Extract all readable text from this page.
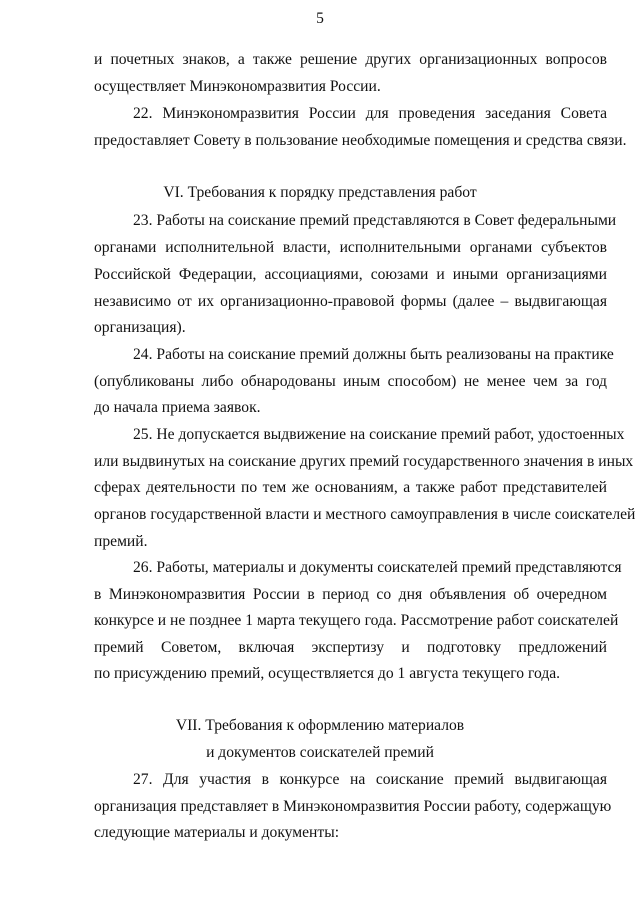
5
и почетных знаков, а также решение других организационных вопросов
осуществляет Минэкономразвития России.
22. Минэкономразвития России для проведения заседания Совета
предоставляет Совету в пользование необходимые помещения и средства связи.
VI. Требования к порядку представления работ
23. Работы на соискание премий представляются в Совет федеральными
органами исполнительной власти, исполнительными органами субъектов
Российской Федерации, ассоциациями, союзами и иными организациями
независимо от их организационно-правовой формы (далее – выдвигающая
организация).
24. Работы на соискание премий должны быть реализованы на практике
(опубликованы либо обнародованы иным способом) не менее чем за год
до начала приема заявок.
25. Не допускается выдвижение на соискание премий работ, удостоенных
или выдвинутых на соискание других премий государственного значения в иных
сферах деятельности по тем же основаниям, а также работ представителей
органов государственной власти и местного самоуправления в числе соискателей
премий.
26. Работы, материалы и документы соискателей премий представляются
в Минэкономразвития России в период со дня объявления об очередном
конкурсе и не позднее 1 марта текущего года. Рассмотрение работ соискателей
премий Советом, включая экспертизу и подготовку предложений
по присуждению премий, осуществляется до 1 августа текущего года.
VII. Требования к оформлению материалов
и документов соискателей премий
27. Для участия в конкурсе на соискание премий выдвигающая
организация представляет в Минэкономразвития России работу, содержащую
следующие материалы и документы:
